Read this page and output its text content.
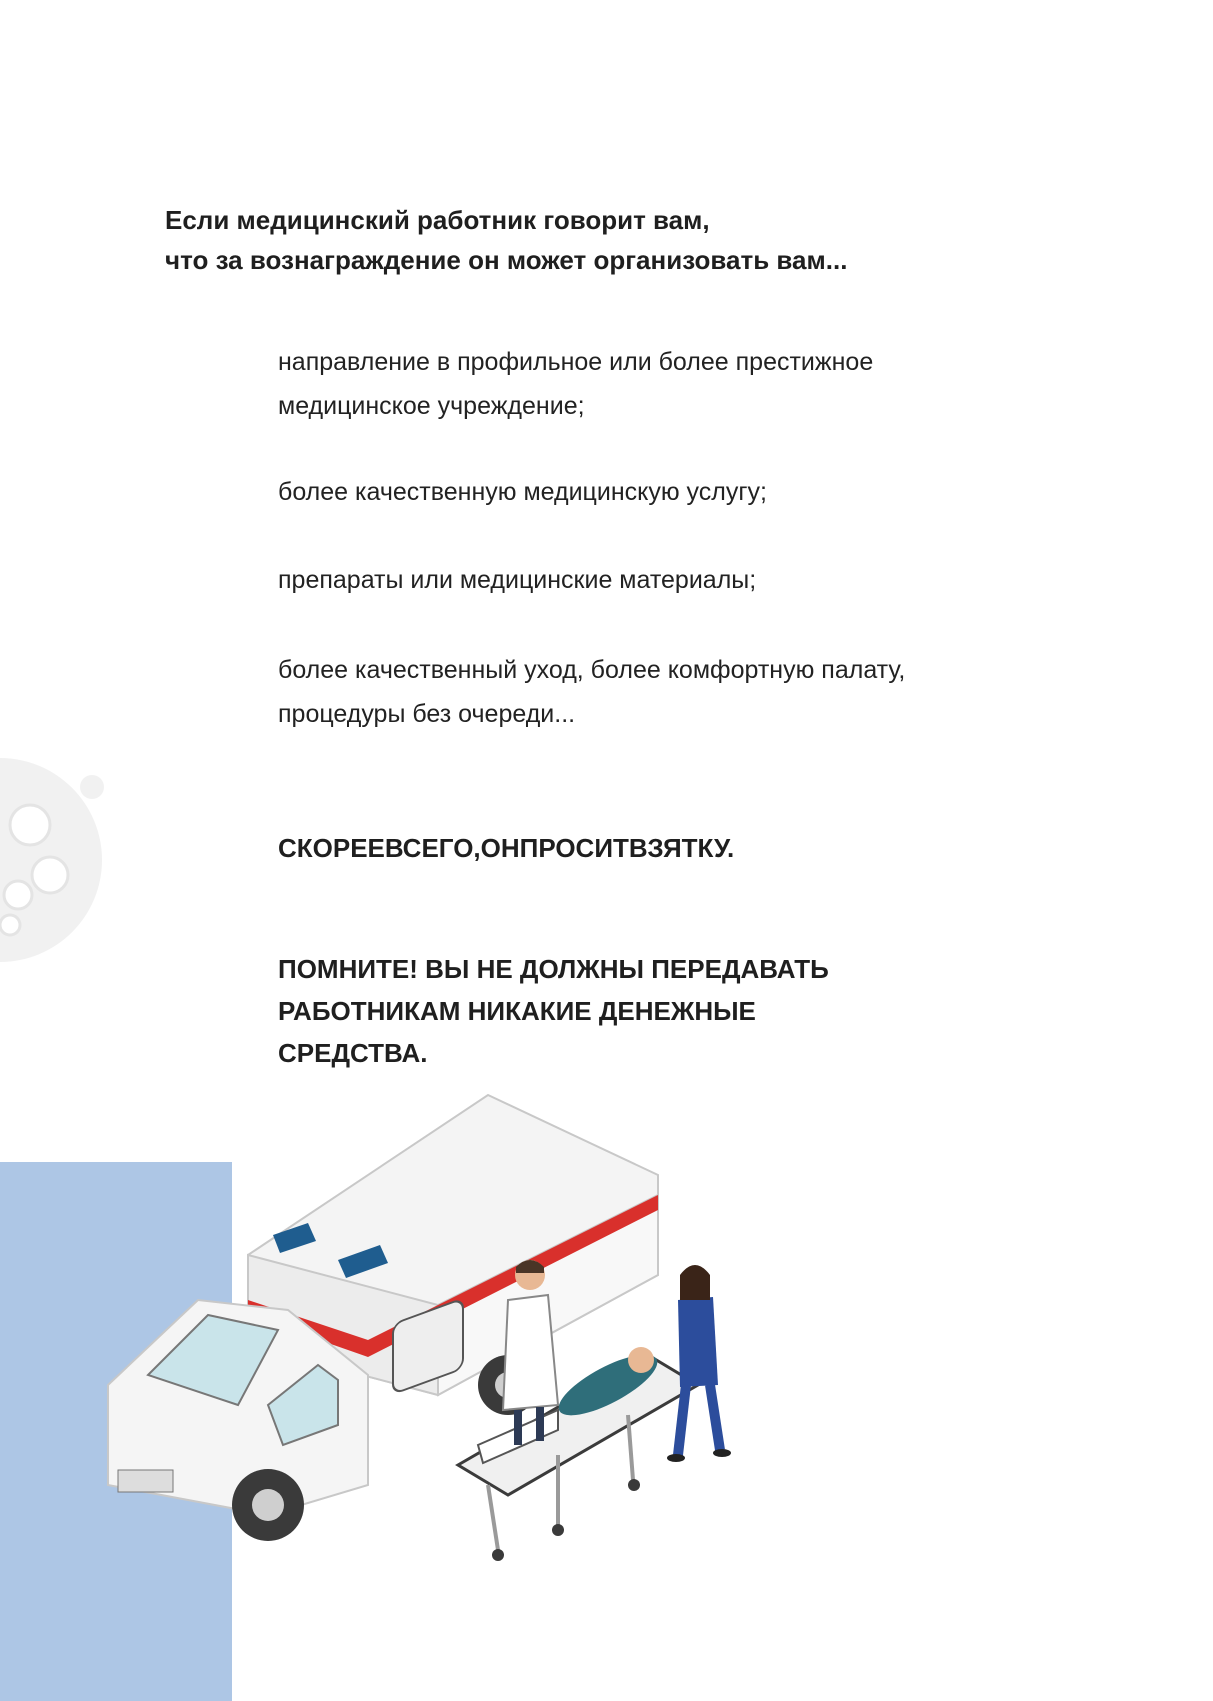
Если медицинский работник говорит вам,
что за вознаграждение он может организовать вам...

направление в профильное или более престижное
медицинское учреждение;
более качественную медицинскую услугу;
препараты или медицинские материалы;
более качественный уход, более комфортную палату,
процедуры без очереди...

СКОРЕЕВСЕГО,ОНПРОСИТВЗЯТКУ.

ПОМНИТЕ! ВЫ НЕ ДОЛЖНЫ ПЕРЕДАВАТЬ
РАБОТНИКАМ НИКАКИЕ ДЕНЕЖНЫЕ
СРЕДСТВА.
